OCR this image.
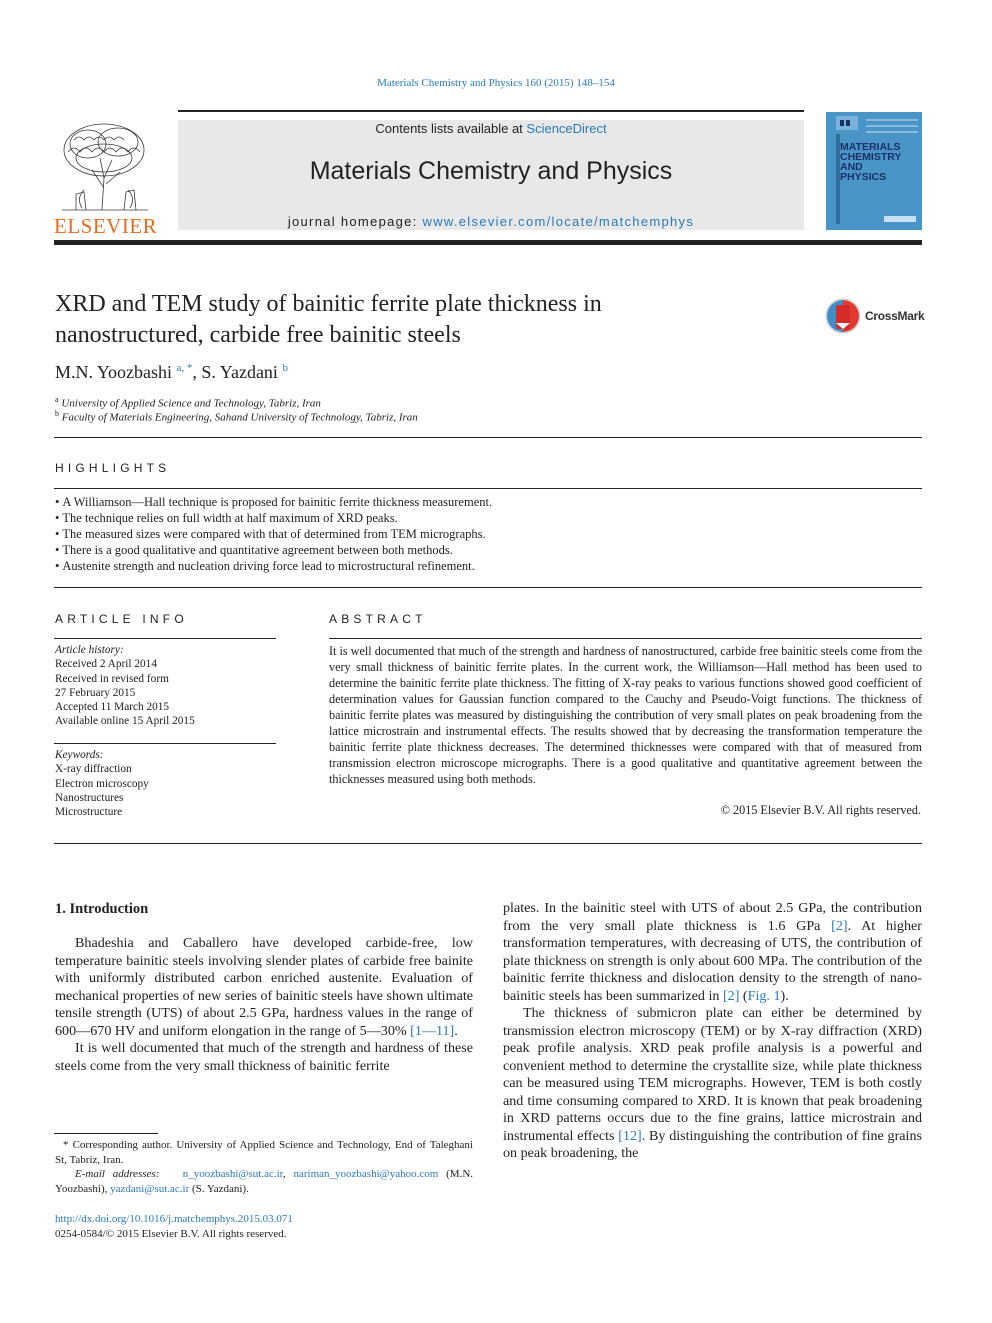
Materials Chemistry and Physics 160 (2015) 148–154
ELSEVIER
Contents lists available at ScienceDirect
Materials Chemistry and Physics
journal homepage: www.elsevier.com/locate/matchemphys
MATERIALS
CHEMISTRY AND
PHYSICS
XRD and TEM study of bainitic ferrite plate thickness in
nanostructured, carbide free bainitic steels
CrossMark
M.N. Yoozbashi $^{a, *}$, S. Yazdani $^b$
$^a$ University of Applied Science and Technology, Tabriz, Iran
$^b$ Faculty of Materials Engineering, Sahand University of Technology, Tabriz, Iran
HIGHLIGHTS
• A Williamson—Hall technique is proposed for bainitic ferrite thickness measurement.
• The technique relies on full width at half maximum of XRD peaks.
• The measured sizes were compared with that of determined from TEM micrographs.
• There is a good qualitative and quantitative agreement between both methods.
• Austenite strength and nucleation driving force lead to microstructural refinement.
ARTICLE INFO
Article history:
Received 2 April 2014
Received in revised form
27 February 2015
Accepted 11 March 2015
Available online 15 April 2015
Keywords:
X-ray diffraction
Electron microscopy
Nanostructures
Microstructure
ABSTRACT
It is well documented that much of the strength and hardness of nanostructured, carbide free bainitic steels come from the very small thickness of bainitic ferrite plates. In the current work, the Williamson—Hall method has been used to determine the bainitic ferrite plate thickness. The fitting of X-ray peaks to various functions showed good coefficient of determination values for Gaussian function compared to the Cauchy and Pseudo-Voigt functions. The thickness of bainitic ferrite plates was measured by distinguishing the contribution of very small plates on peak broadening from the lattice microstrain and instrumental effects. The results showed that by decreasing the transformation temperature the bainitic ferrite plate thickness decreases. The determined thicknesses were compared with that of measured from transmission electron microscope micrographs. There is a good qualitative and quantitative agreement between the thicknesses measured using both methods.
© 2015 Elsevier B.V. All rights reserved.
1. Introduction

Bhadeshia and Caballero have developed carbide-free, low temperature bainitic steels involving slender plates of carbide free bainite with uniformly distributed carbon enriched austenite. Evaluation of mechanical properties of new series of bainitic steels have shown ultimate tensile strength (UTS) of about 2.5 GPa, hardness values in the range of 600—670 HV and uniform elongation in the range of 5—30% [1—11].

It is well documented that much of the strength and hardness of these steels come from the very small thickness of bainitic ferrite

plates. In the bainitic steel with UTS of about 2.5 GPa, the contribution from the very small plate thickness is 1.6 GPa [2]. At higher transformation temperatures, with decreasing of UTS, the contribution of plate thickness on strength is only about 600 MPa. The contribution of the bainitic ferrite thickness and dislocation density to the strength of nano-bainitic steels has been summarized in [2] (Fig. 1).

The thickness of submicron plate can either be determined by transmission electron microscopy (TEM) or by X-ray diffraction (XRD) peak profile analysis. XRD peak profile analysis is a powerful and convenient method to determine the crystallite size, while plate thickness can be measured using TEM micrographs. However, TEM is both costly and time consuming compared to XRD. It is known that peak broadening in XRD patterns occurs due to the fine grains, lattice microstrain and instrumental effects [12]. By distinguishing the contribution of fine grains on peak broadening, the

* Corresponding author. University of Applied Science and Technology, End of Taleghani St, Tabriz, Iran.
E-mail addresses: n_yoozbashi@sut.ac.ir, nariman_yoozbashi@yahoo.com (M.N. Yoozbashi), yazdani@sut.ac.ir (S. Yazdani).
http://dx.doi.org/10.1016/j.matchemphys.2015.03.071
0254-0584/© 2015 Elsevier B.V. All rights reserved.
